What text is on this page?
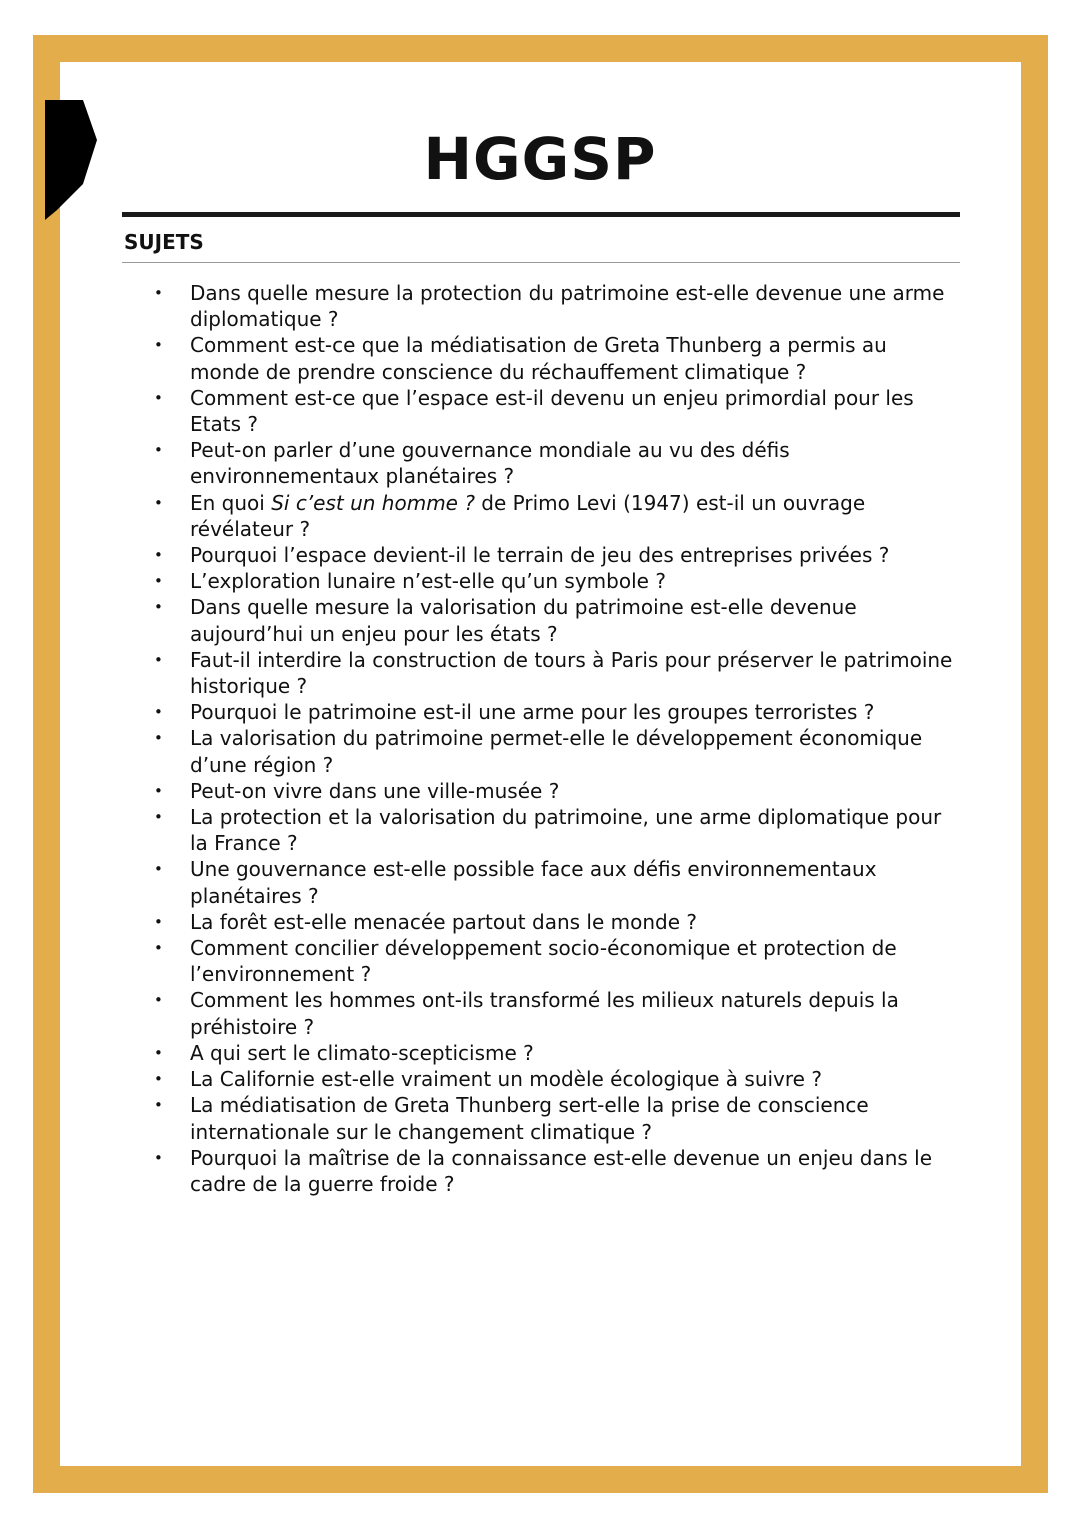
HGGSP
SUJETS
• Dans quelle mesure la protection du patrimoine est-elle devenue une arme diplomatique ?
• Comment est-ce que la médiatisation de Greta Thunberg a permis au monde de prendre conscience du réchauffement climatique ?
• Comment est-ce que l’espace est-il devenu un enjeu primordial pour les Etats ?
• Peut-on parler d’une gouvernance mondiale au vu des défis environnementaux planétaires ?
• En quoi Si c’est un homme ? de Primo Levi (1947) est-il un ouvrage révélateur ?
• Pourquoi l’espace devient-il le terrain de jeu des entreprises privées ?
• L’exploration lunaire n’est-elle qu’un symbole ?
• Dans quelle mesure la valorisation du patrimoine est-elle devenue aujourd’hui un enjeu pour les états ?
• Faut-il interdire la construction de tours à Paris pour préserver le patrimoine historique ?
• Pourquoi le patrimoine est-il une arme pour les groupes terroristes ?
• La valorisation du patrimoine permet-elle le développement économique d’une région ?
• Peut-on vivre dans une ville-musée ?
• La protection et la valorisation du patrimoine, une arme diplomatique pour la France ?
• Une gouvernance est-elle possible face aux défis environnementaux planétaires ?
• La forêt est-elle menacée partout dans le monde ?
• Comment concilier développement socio-économique et protection de l’environnement ?
• Comment les hommes ont-ils transformé les milieux naturels depuis la préhistoire ?
• A qui sert le climato-scepticisme ?
• La Californie est-elle vraiment un modèle écologique à suivre ?
• La médiatisation de Greta Thunberg sert-elle la prise de conscience internationale sur le changement climatique ?
• Pourquoi la maîtrise de la connaissance est-elle devenue un enjeu dans le cadre de la guerre froide ?
